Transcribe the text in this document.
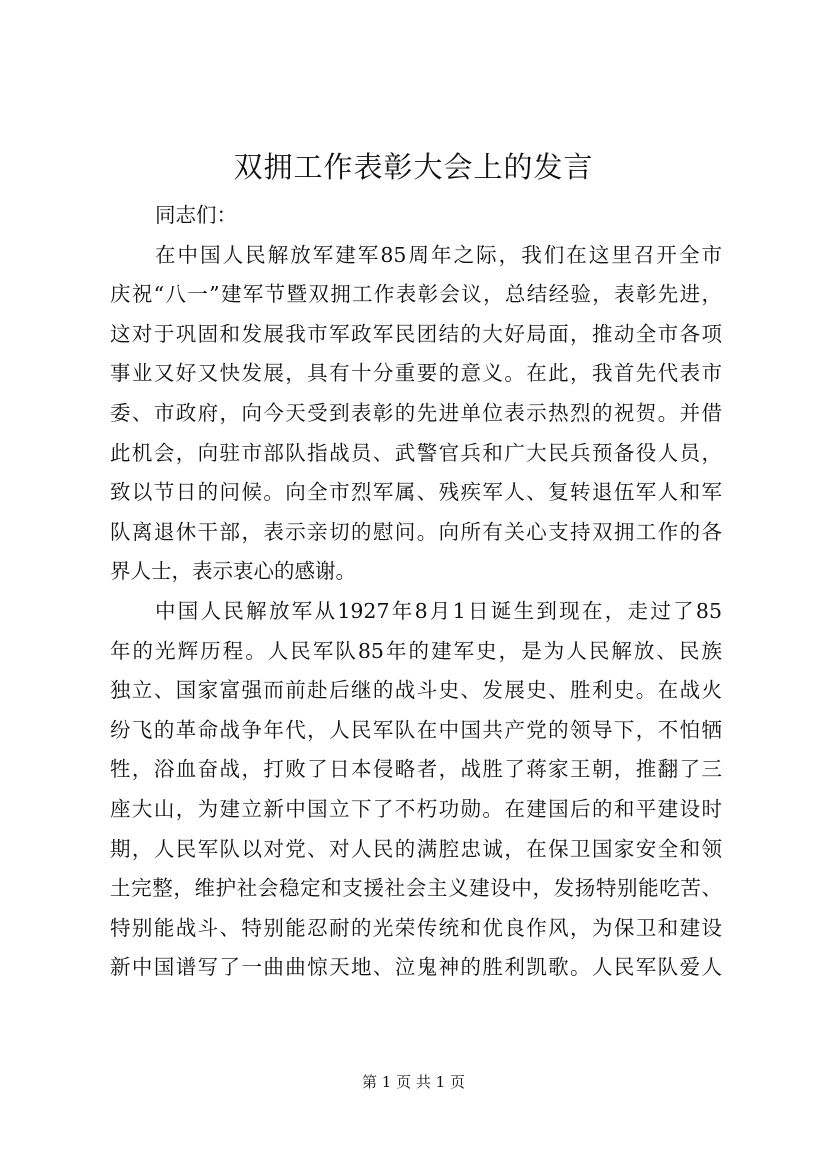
双拥工作表彰大会上的发言
同志们：
在中国人民解放军建军85周年之际，我们在这里召开全市
庆祝“八一”建军节暨双拥工作表彰会议，总结经验，表彰先进，
这对于巩固和发展我市军政军民团结的大好局面，推动全市各项
事业又好又快发展，具有十分重要的意义。在此，我首先代表市
委、市政府，向今天受到表彰的先进单位表示热烈的祝贺。并借
此机会，向驻市部队指战员、武警官兵和广大民兵预备役人员，
致以节日的问候。向全市烈军属、残疾军人、复转退伍军人和军
队离退休干部，表示亲切的慰问。向所有关心支持双拥工作的各
界人士，表示衷心的感谢。
中国人民解放军从1927年8月1日诞生到现在，走过了85
年的光辉历程。人民军队85年的建军史，是为人民解放、民族
独立、国家富强而前赴后继的战斗史、发展史、胜利史。在战火
纷飞的革命战争年代，人民军队在中国共产党的领导下，不怕牺
牲，浴血奋战，打败了日本侵略者，战胜了蒋家王朝，推翻了三
座大山，为建立新中国立下了不朽功勋。在建国后的和平建设时
期，人民军队以对党、对人民的满腔忠诚，在保卫国家安全和领
土完整，维护社会稳定和支援社会主义建设中，发扬特别能吃苦、
特别能战斗、特别能忍耐的光荣传统和优良作风，为保卫和建设
新中国谱写了一曲曲惊天地、泣鬼神的胜利凯歌。人民军队爱人
第 1 页 共 1 页
